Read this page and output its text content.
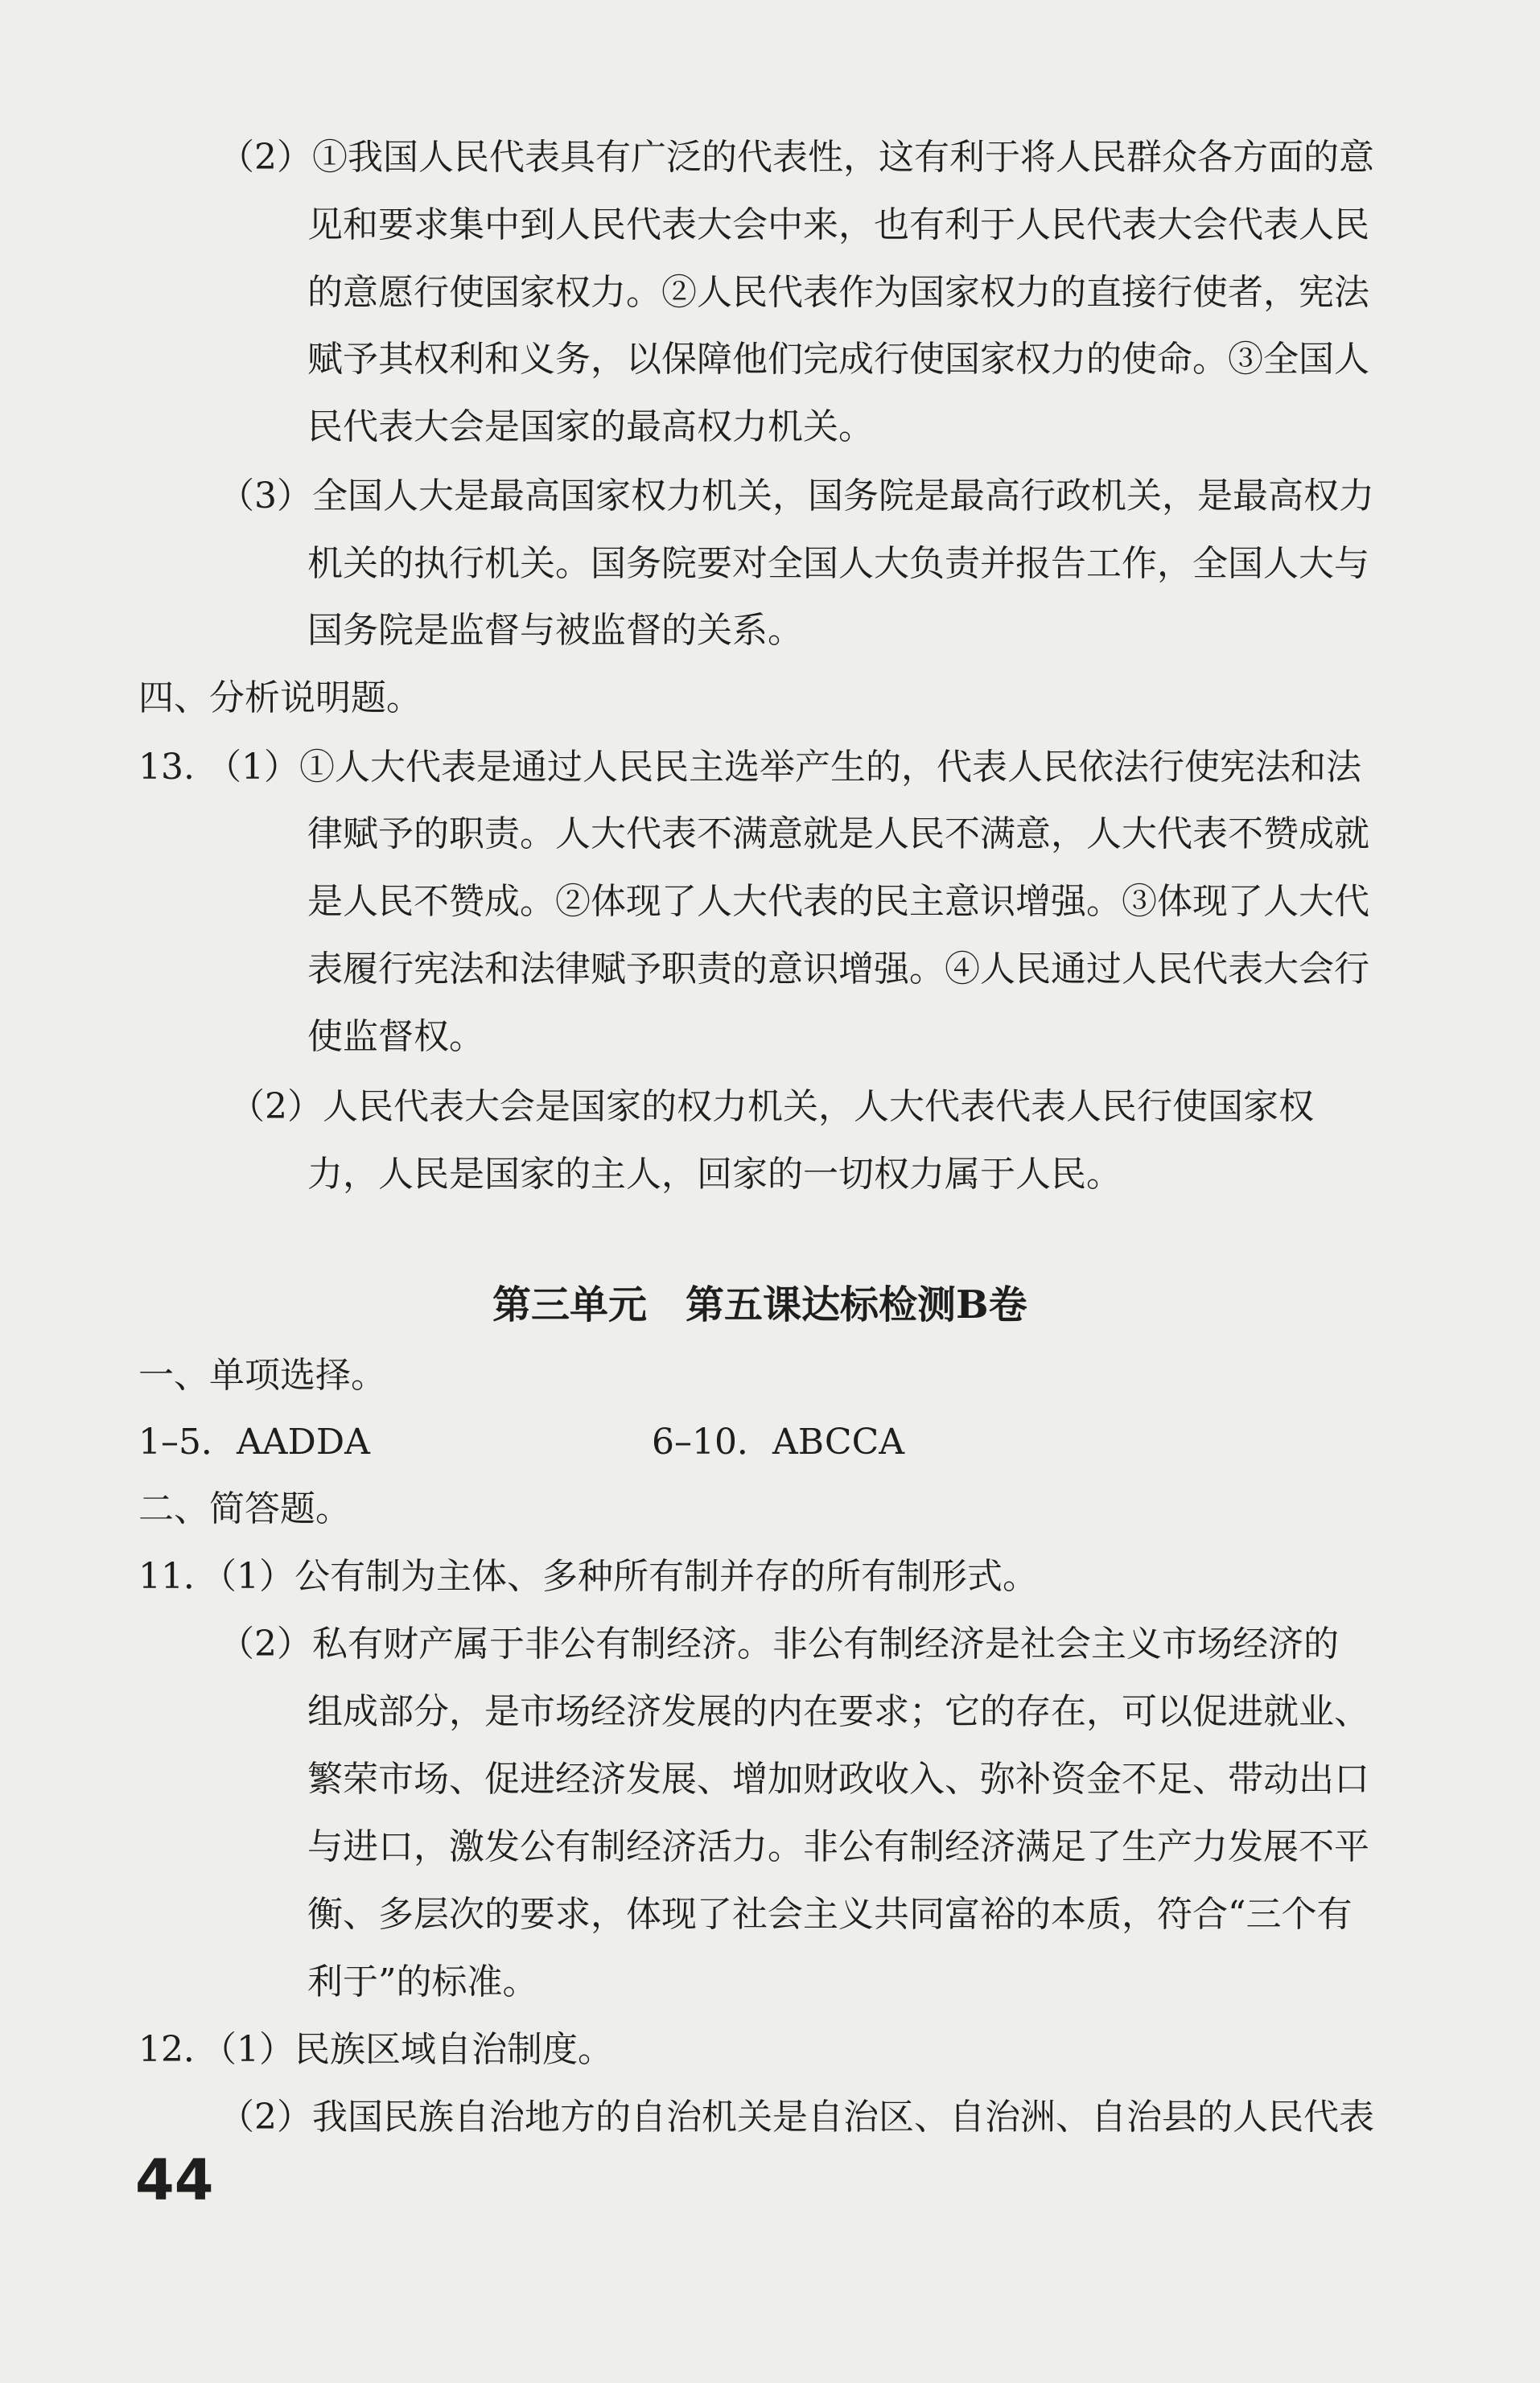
（2）①我国人民代表具有广泛的代表性，这有利于将人民群众各方面的意
见和要求集中到人民代表大会中来，也有利于人民代表大会代表人民
的意愿行使国家权力。②人民代表作为国家权力的直接行使者，宪法
赋予其权利和义务，以保障他们完成行使国家权力的使命。③全国人
民代表大会是国家的最高权力机关。
（3）全国人大是最高国家权力机关，国务院是最高行政机关，是最高权力
机关的执行机关。国务院要对全国人大负责并报告工作，全国人大与
国务院是监督与被监督的关系。
四、分析说明题。
13. （1）①人大代表是通过人民民主选举产生的，代表人民依法行使宪法和法
律赋予的职责。人大代表不满意就是人民不满意，人大代表不赞成就
是人民不赞成。②体现了人大代表的民主意识增强。③体现了人大代
表履行宪法和法律赋予职责的意识增强。④人民通过人民代表大会行
使监督权。
（2）人民代表大会是国家的权力机关，人大代表代表人民行使国家权
力，人民是国家的主人，回家的一切权力属于人民。
第三单元　第五课达标检测B卷
一、单项选择。
1–5．AADDA	6–10．ABCCA
二、简答题。
11．（1）公有制为主体、多种所有制并存的所有制形式。
（2）私有财产属于非公有制经济。非公有制经济是社会主义市场经济的
组成部分，是市场经济发展的内在要求；它的存在，可以促进就业、
繁荣市场、促进经济发展、增加财政收入、弥补资金不足、带动出口
与进口，激发公有制经济活力。非公有制经济满足了生产力发展不平
衡、多层次的要求，体现了社会主义共同富裕的本质，符合“三个有
利于”的标准。
12．（1）民族区域自治制度。
（2）我国民族自治地方的自治机关是自治区、自治洲、自治县的人民代表
44
